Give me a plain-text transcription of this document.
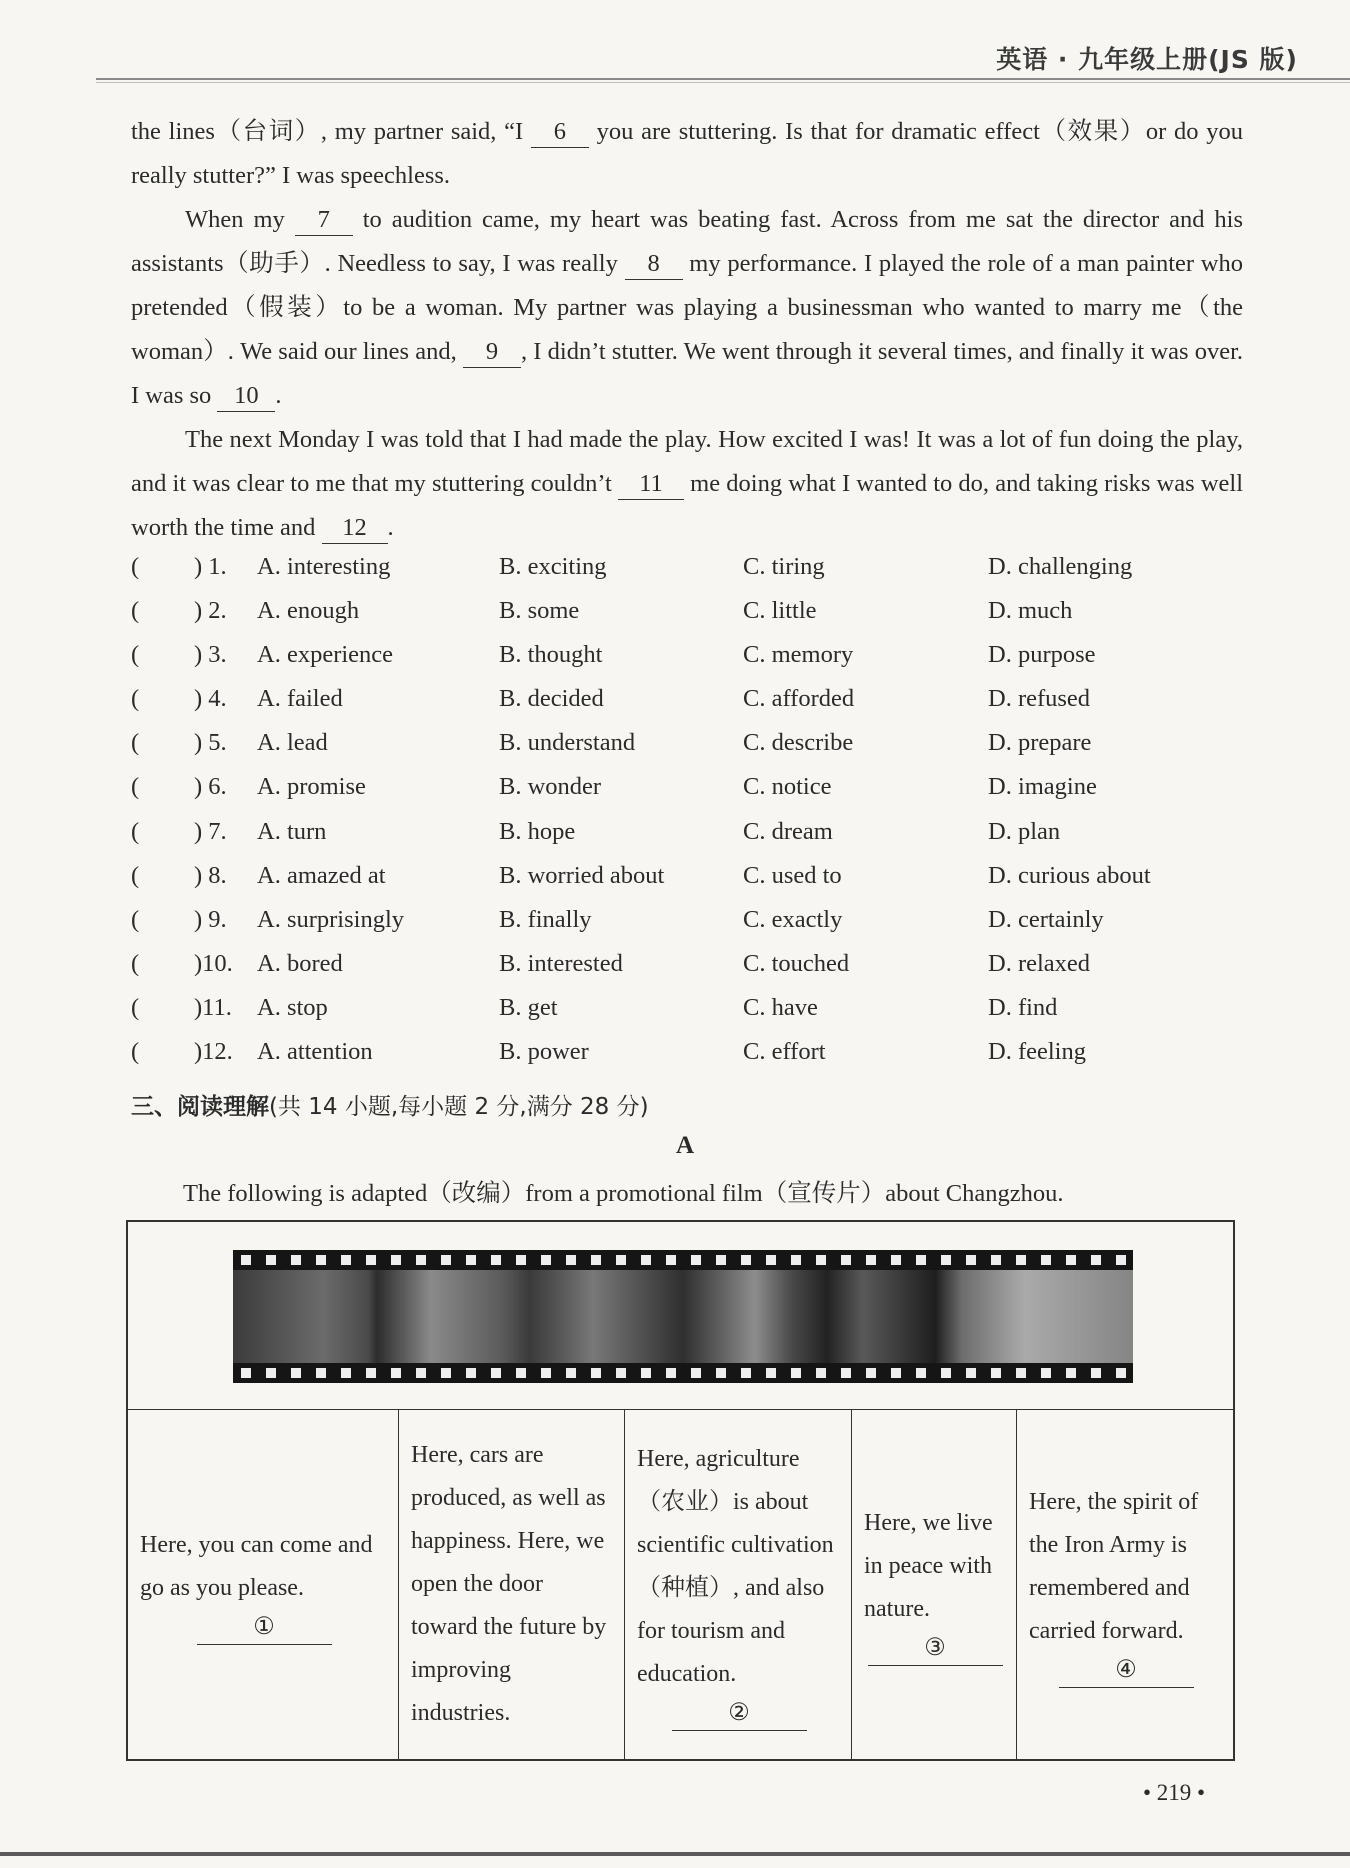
英语 · 九年级上册(JS 版)

the lines（台词）, my partner said, “I 6 you are stuttering. Is that for dramatic effect（效果）or do you really stutter?” I was speechless.

When my 7 to audition came, my heart was beating fast. Across from me sat the director and his assistants（助手）. Needless to say, I was really 8 my performance. I played the role of a man painter who pretended（假装）to be a woman. My partner was playing a businessman who wanted to marry me（the woman）. We said our lines and, 9 , I didn’t stutter. We went through it several times, and finally it was over. I was so 10 .

The next Monday I was told that I had made the play. How excited I was! It was a lot of fun doing the play, and it was clear to me that my stuttering couldn’t 11 me doing what I wanted to do, and taking risks was well worth the time and 12 .

( ) 1. A. interesting	B. exciting	C. tiring	D. challenging
( ) 2. A. enough	B. some	C. little	D. much
( ) 3. A. experience	B. thought	C. memory	D. purpose
( ) 4. A. failed	B. decided	C. afforded	D. refused
( ) 5. A. lead	B. understand	C. describe	D. prepare
( ) 6. A. promise	B. wonder	C. notice	D. imagine
( ) 7. A. turn	B. hope	C. dream	D. plan
( ) 8. A. amazed at	B. worried about	C. used to	D. curious about
( ) 9. A. surprisingly	B. finally	C. exactly	D. certainly
( )10. A. bored	B. interested	C. touched	D. relaxed
( )11. A. stop	B. get	C. have	D. find
( )12. A. attention	B. power	C. effort	D. feeling
三、阅读理解(共 14 小题,每小题 2 分,满分 28 分)
A
The following is adapted（改编）from a promotional film（宣传片）about Changzhou.
Here, you can come and go as you please.
①
Here, cars are produced, as well as happiness. Here, we open the door toward the future by improving industries.
Here, agriculture（农业）is about scientific cultivation（种植）, and also for tourism and education.
②
Here, we live in peace with nature.
③
Here, the spirit of the Iron Army is remembered and carried forward.
④
• 219 •
